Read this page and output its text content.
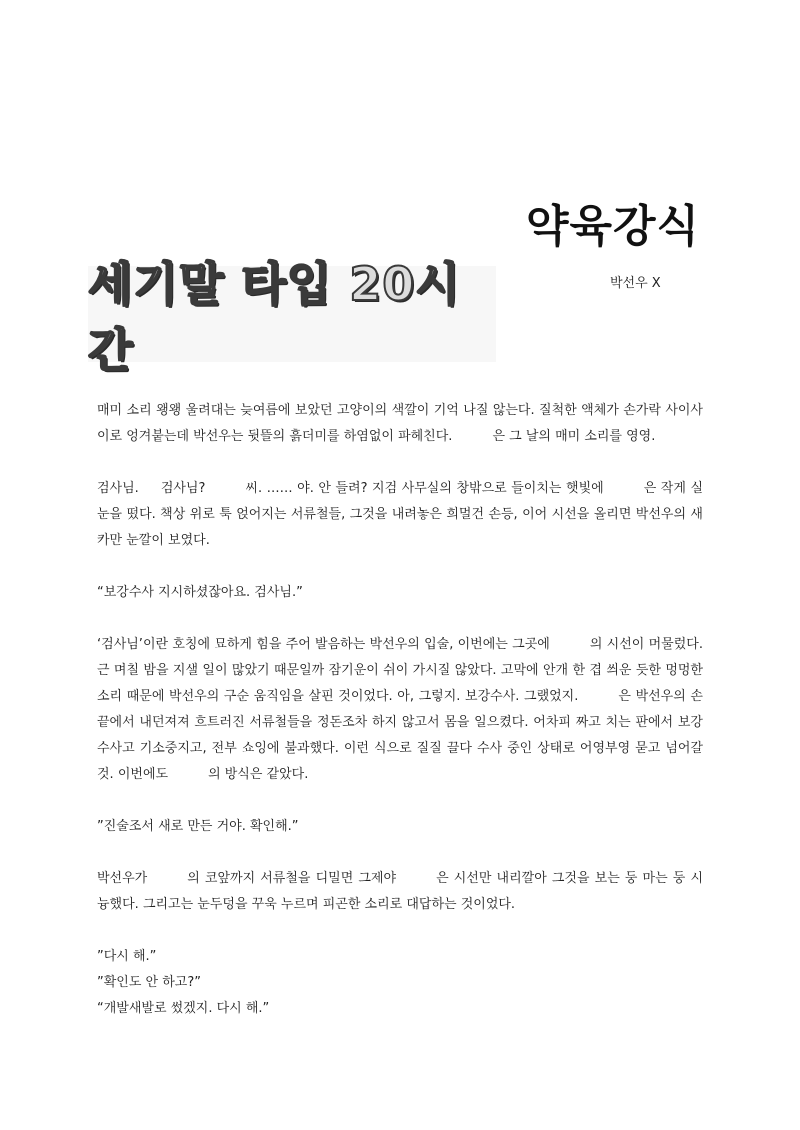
약육강식
세기말 타입 20시간
박선우 X

매미 소리 왱왱 울려대는 늦여름에 보았던 고양이의 색깔이 기억 나질 않는다. 질척한 액체가 손가락 사이사이로 엉겨붙는데 박선우는 뒷뜰의 흙더미를 하염없이 파헤친다.	은 그 날의 매미 소리를 영영.

검사님. 검사님?	씨. …… 야. 안 들려? 지검 사무실의 창밖으로 들이치는 햇빛에	은 작게 실눈을 떴다. 책상 위로 툭 얹어지는 서류철들, 그것을 내려놓은 희멀건 손등, 이어 시선을 올리면 박선우의 새카만 눈깔이 보였다.

“보강수사 지시하셨잖아요. 검사님.”

‘검사님’이란 호칭에 묘하게 힘을 주어 발음하는 박선우의 입술, 이번에는 그곳에	의 시선이 머물렀다. 근 며칠 밤을 지샐 일이 많았기 때문일까 잠기운이 쉬이 가시질 않았다. 고막에 안개 한 겹 씌운 듯한 멍멍한 소리 때문에 박선우의 구순 움직임을 살핀 것이었다. 아, 그렇지. 보강수사. 그랬었지.	은 박선우의 손끝에서 내던져져 흐트러진 서류철들을 정돈조차 하지 않고서 몸을 일으켰다. 어차피 짜고 치는 판에서 보강수사고 기소중지고, 전부 쇼잉에 불과했다. 이런 식으로 질질 끌다 수사 중인 상태로 어영부영 묻고 넘어갈 것. 이번에도	의 방식은 같았다.

”진술조서 새로 만든 거야. 확인해.”

박선우가	의 코앞까지 서류철을 디밀면 그제야	은 시선만 내리깔아 그것을 보는 둥 마는 둥 시늉했다. 그리고는 눈두덩을 꾸욱 누르며 피곤한 소리로 대답하는 것이었다.

”다시 해.”

”확인도 안 하고?”

“개발새발로 썼겠지. 다시 해.”
